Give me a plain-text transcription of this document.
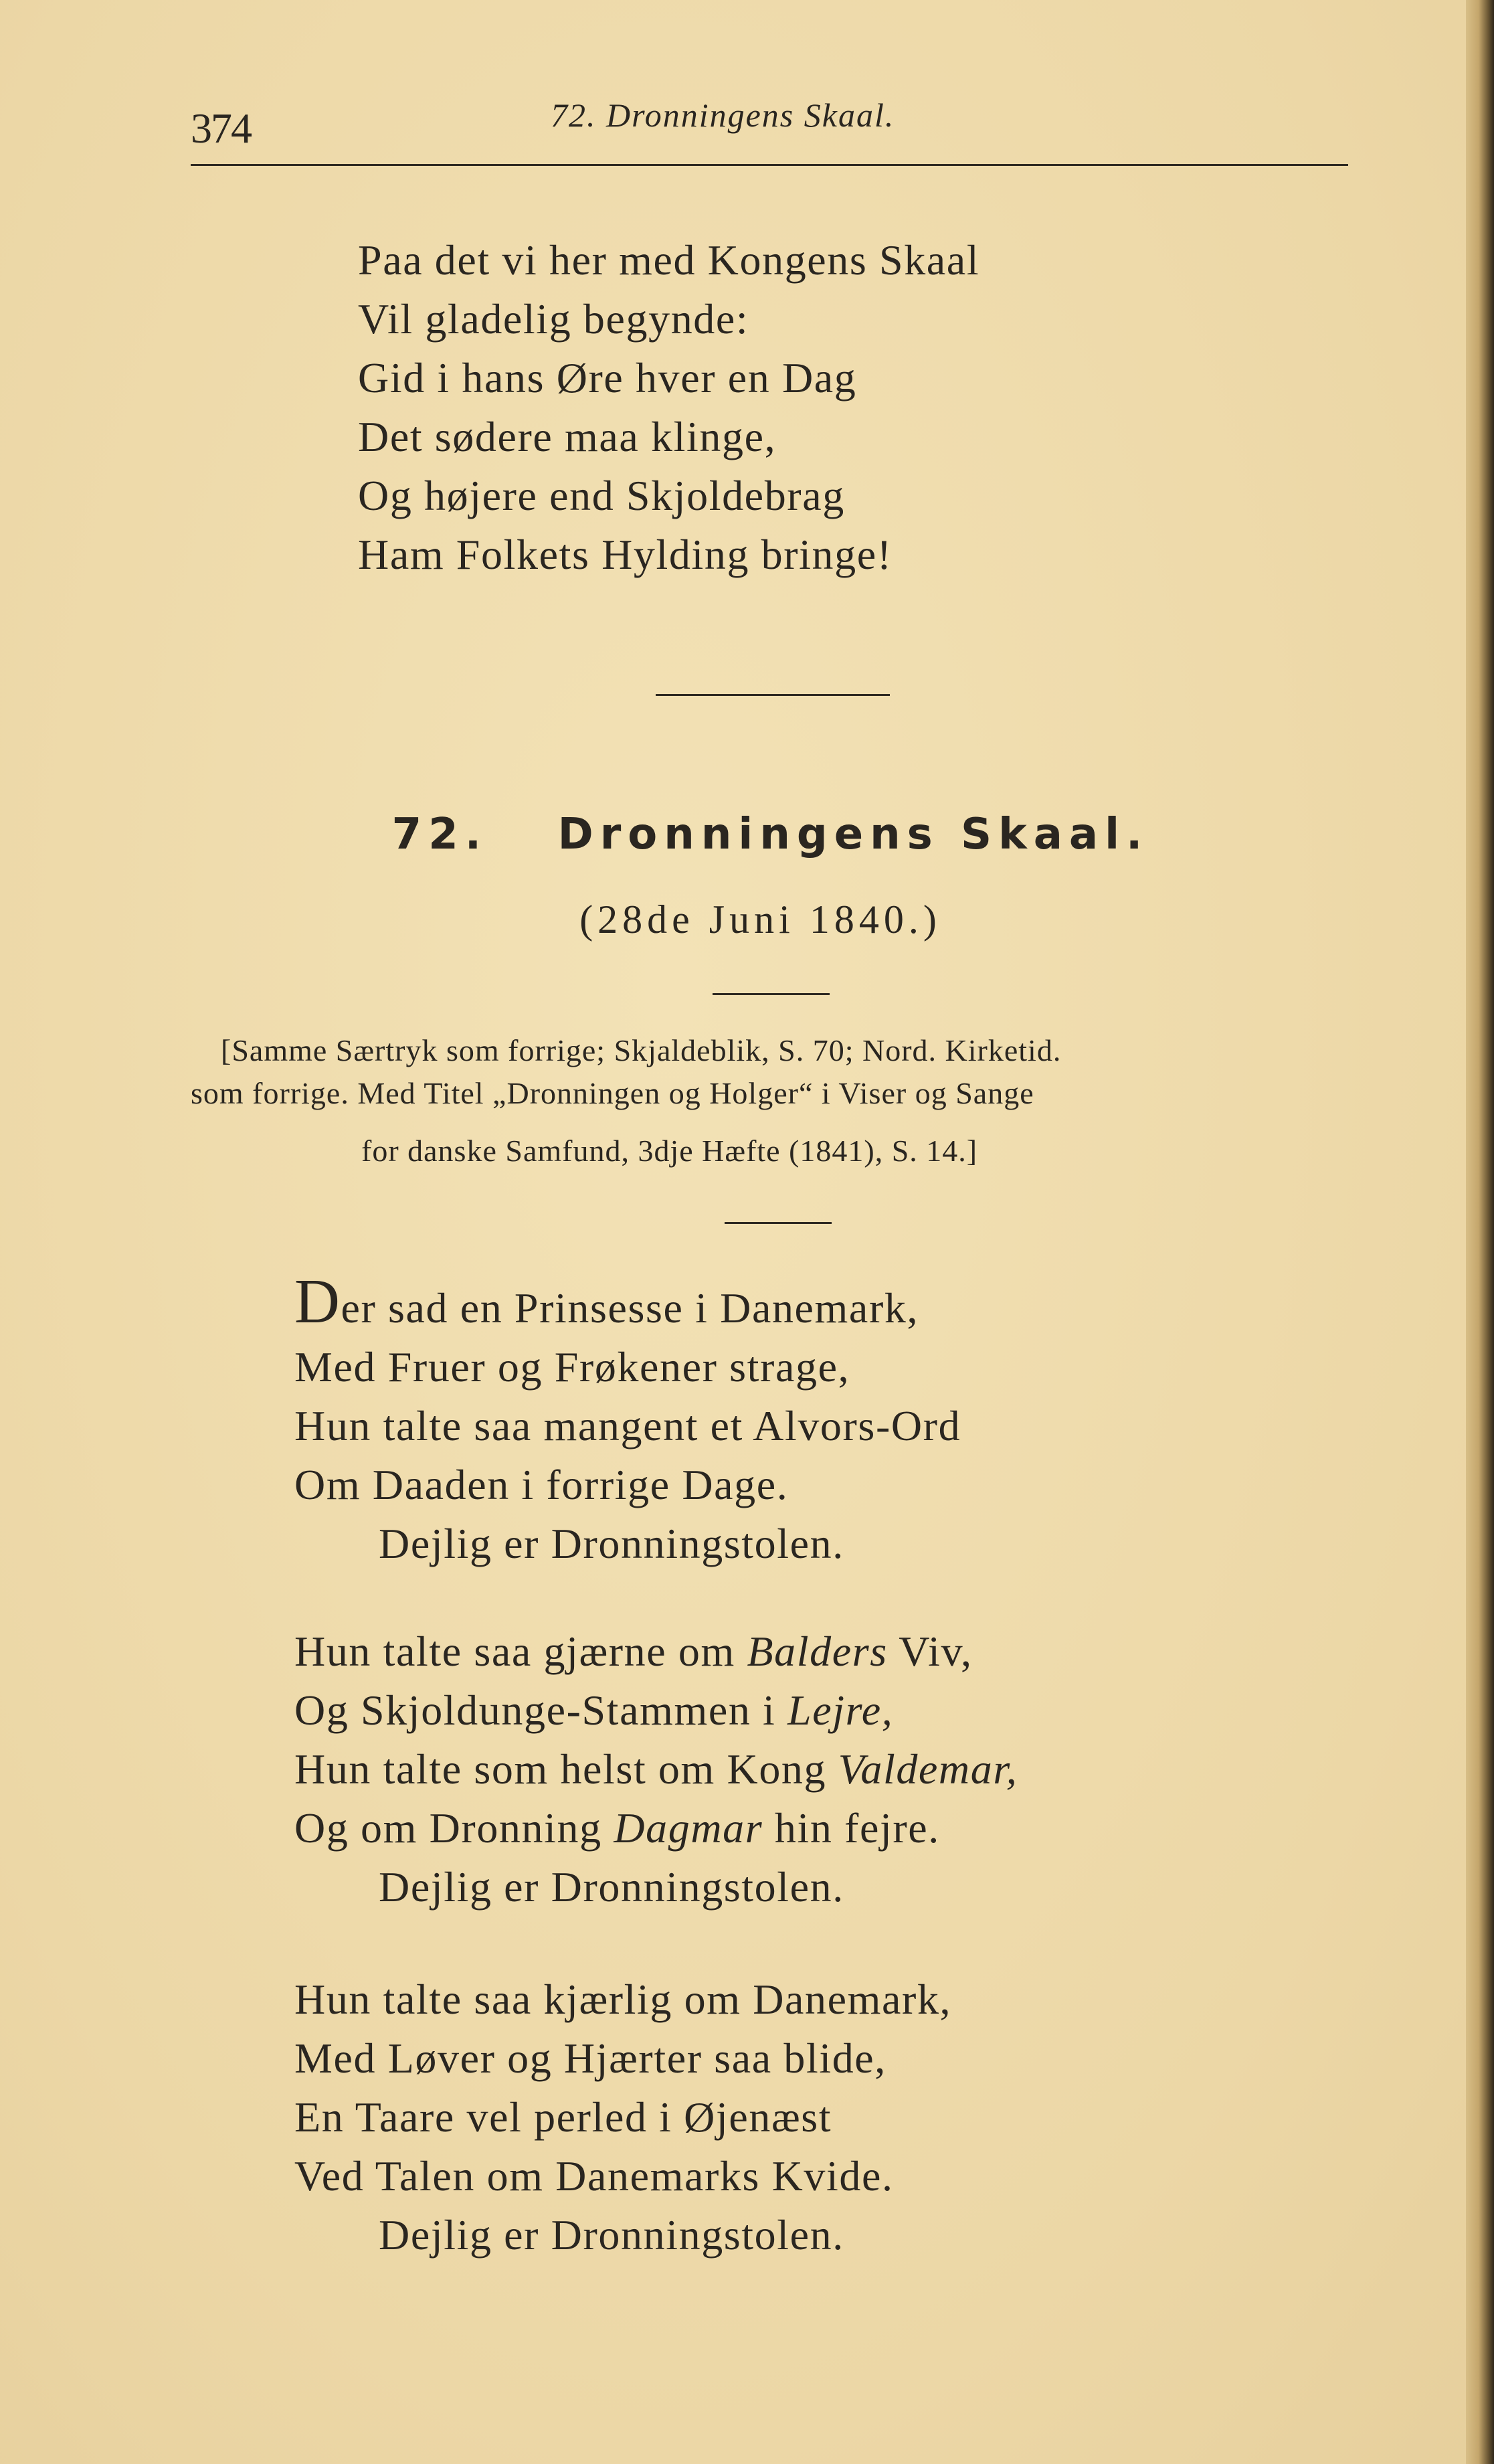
374	72. Dronningens Skaal.
Paa det vi her med Kongens Skaal
Vil gladelig begynde:
Gid i hans Øre hver en Dag
Det sødere maa klinge,
Og højere end Skjoldebrag
Ham Folkets Hylding bringe!
72. Dronningens Skaal.
(28de Juni 1840.)
[Samme Særtryk som forrige; Skjaldeblik, S. 70; Nord. Kirketid.
som forrige. Med Titel „Dronningen og Holger“ i Viser og Sange
for danske Samfund, 3dje Hæfte (1841), S. 14.]
Der sad en Prinsesse i Danemark,
Med Fruer og Frøkener strage,
Hun talte saa mangent et Alvors-Ord
Om Daaden i forrige Dage.
Dejlig er Dronningstolen.
Hun talte saa gjærne om Balders Viv,
Og Skjoldunge-Stammen i Lejre,
Hun talte som helst om Kong Valdemar,
Og om Dronning Dagmar hin fejre.
Dejlig er Dronningstolen.
Hun talte saa kjærlig om Danemark,
Med Løver og Hjærter saa blide,
En Taare vel perled i Øjenæst
Ved Talen om Danemarks Kvide.
Dejlig er Dronningstolen.
